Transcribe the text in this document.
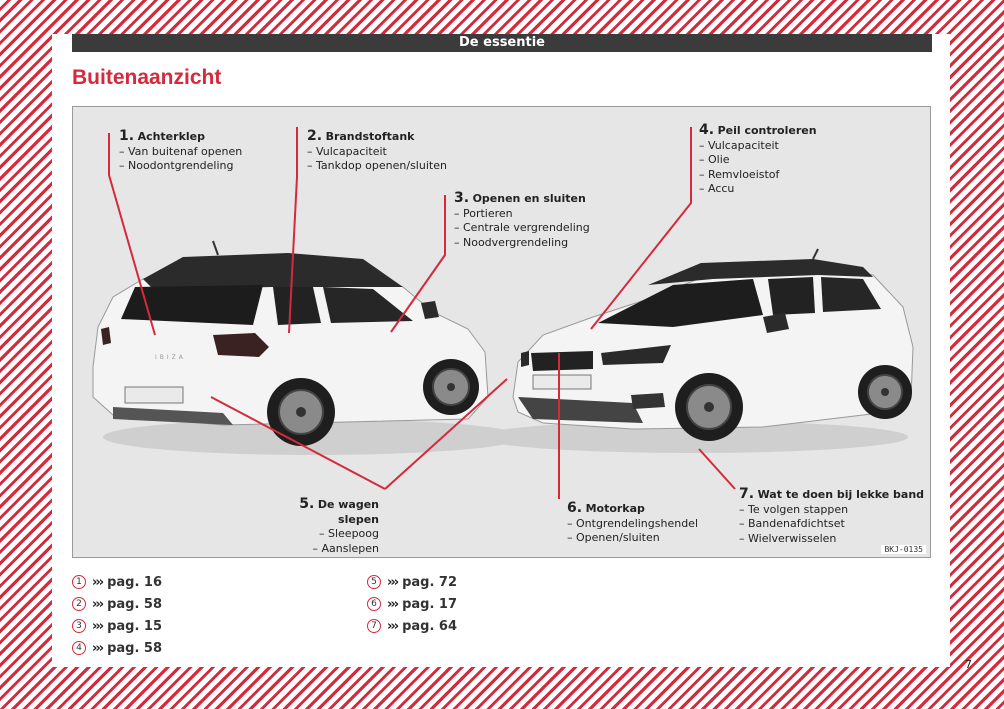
De essentie
Buitenaanzicht
IBIZA
1. Achterklep
– Van buitenaf openen
– Noodontgrendeling
2. Brandstoftank
– Vulcapaciteit
– Tankdop openen/sluiten
3. Openen en sluiten
– Portieren
– Centrale vergrendeling
– Noodvergrendeling
4. Peil controleren
– Vulcapaciteit
– Olie
– Remvloeistof
– Accu
5. De wagen slepen
– Sleepoog
– Aanslepen
6. Motorkap
– Ontgrendelingshendel
– Openen/sluiten
7. Wat te doen bij lekke band
– Te volgen stappen
– Bandenafdichtset
– Wielverwisselen
BKJ-0135
1 ››› pag. 16
2 ››› pag. 58
3 ››› pag. 15
4 ››› pag. 58
5 ››› pag. 72
6 ››› pag. 17
7 ››› pag. 64
7
